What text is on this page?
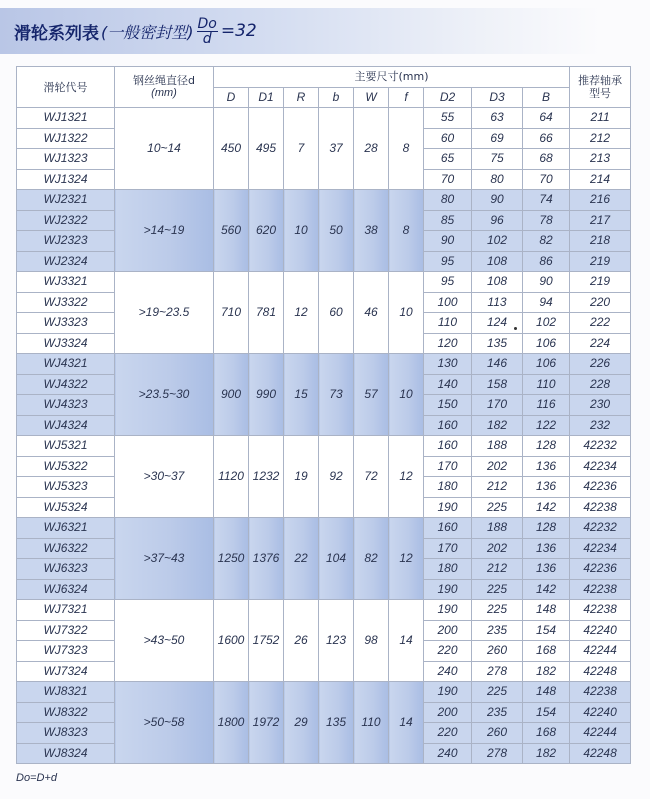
滑轮系列表 (一般密封型) $\frac{Do}{d} =32$
滑轮代号	钢丝绳直径d
(mm)	主要尺寸(mm)									推荐轴承
型号

		D	D1	R	b	W	f	D2	D3	B	
WJ1321	10~14	450	495	7	37	28	8	55	63	64	211
WJ1322								60	69	66	212
WJ1323								65	75	68	213
WJ1324								70	80	70	214
WJ2321	>14~19	560	620	10	50	38	8	80	90	74	216
WJ2322								85	96	78	217
WJ2323								90	102	82	218
WJ2324								95	108	86	219
WJ3321	>19~23.5	710	781	12	60	46	10	95	108	90	219
WJ3322								100	113	94	220
WJ3323								110	124	102	222
WJ3324								120	135	106	224
WJ4321	>23.5~30	900	990	15	73	57	10	130	146	106	226
WJ4322								140	158	110	228
WJ4323								150	170	116	230
WJ4324								160	182	122	232
WJ5321	>30~37	1120	1232	19	92	72	12	160	188	128	42232
WJ5322								170	202	136	42234
WJ5323								180	212	136	42236
WJ5324								190	225	142	42238
WJ6321	>37~43	1250	1376	22	104	82	12	160	188	128	42232
WJ6322								170	202	136	42234
WJ6323								180	212	136	42236
WJ6324								190	225	142	42238
WJ7321	>43~50	1600	1752	26	123	98	14	190	225	148	42238
WJ7322								200	235	154	42240
WJ7323								220	260	168	42244
WJ7324								240	278	182	42248
WJ8321	>50~58	1800	1972	29	135	110	14	190	225	148	42238
WJ8322								200	235	154	42240
WJ8323								220	260	168	42244
WJ8324								240	278	182	42248
Do=D+d
